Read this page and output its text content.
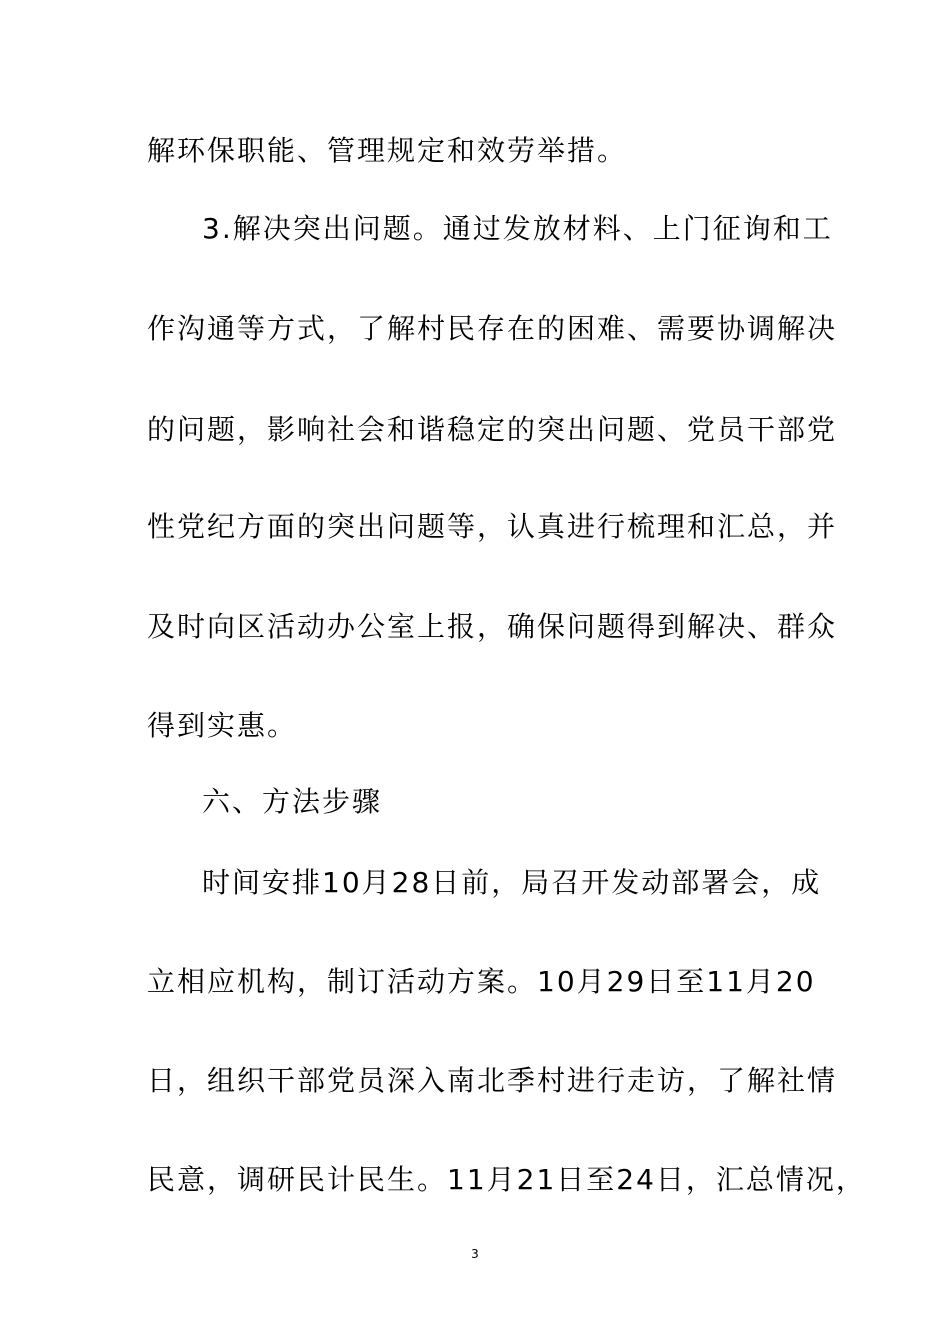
解环保职能、管理规定和效劳举措。
3.解决突出问题。通过发放材料、上门征询和工
作沟通等方式，了解村民存在的困难、需要协调解决
的问题，影响社会和谐稳定的突出问题、党员干部党
性党纪方面的突出问题等，认真进行梳理和汇总，并
及时向区活动办公室上报，确保问题得到解决、群众
得到实惠。
六、方法步骤
时间安排10月28日前，局召开发动部署会，成
立相应机构，制订活动方案。10月29日至11月20
日，组织干部党员深入南北季村进行走访，了解社情
民意，调研民计民生。11月21日至24日，汇总情况，
3
